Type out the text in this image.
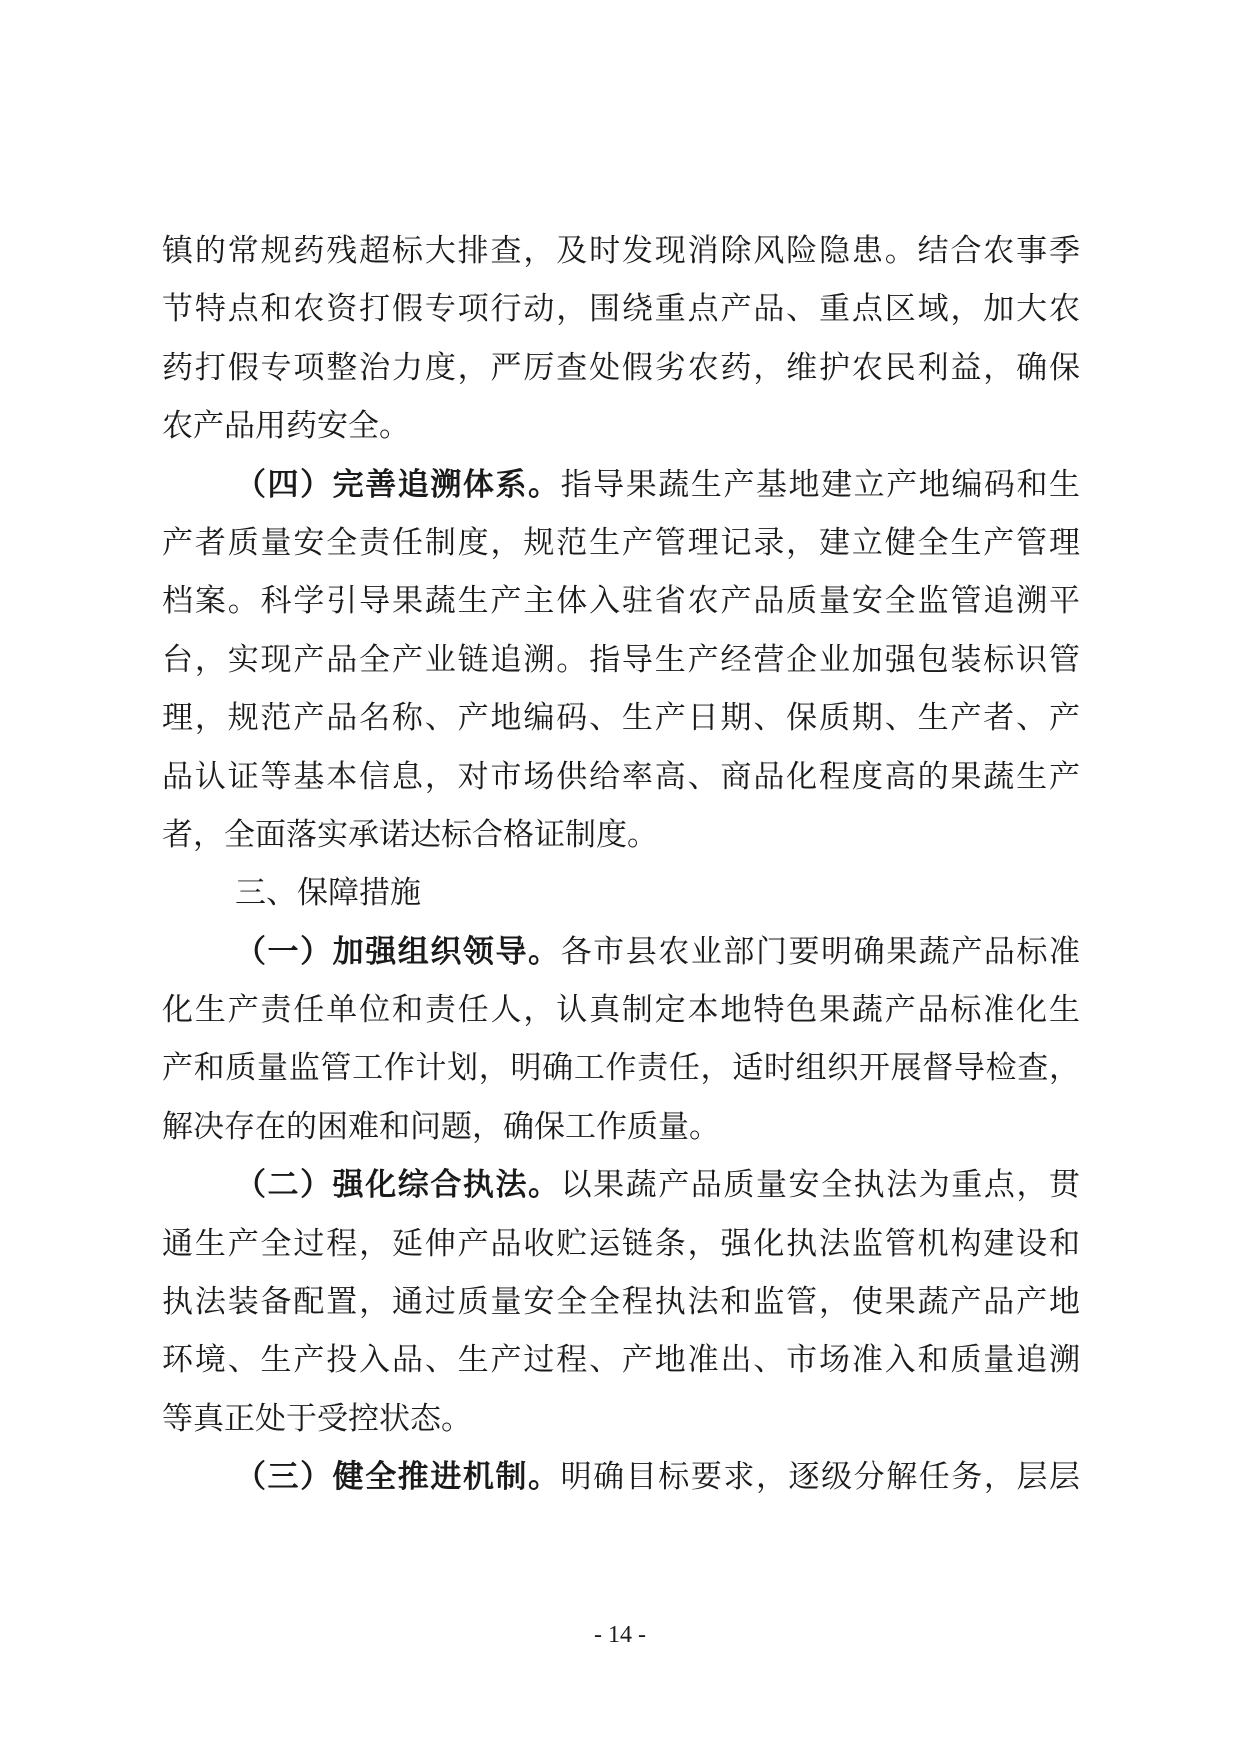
镇的常规药残超标大排查，及时发现消除风险隐患。结合农事季
节特点和农资打假专项行动，围绕重点产品、重点区域，加大农
药打假专项整治力度，严厉查处假劣农药，维护农民利益，确保
农产品用药安全。
（四）完善追溯体系。指导果蔬生产基地建立产地编码和生
产者质量安全责任制度，规范生产管理记录，建立健全生产管理
档案。科学引导果蔬生产主体入驻省农产品质量安全监管追溯平
台，实现产品全产业链追溯。指导生产经营企业加强包装标识管
理，规范产品名称、产地编码、生产日期、保质期、生产者、产
品认证等基本信息，对市场供给率高、商品化程度高的果蔬生产
者，全面落实承诺达标合格证制度。
三、保障措施
（一）加强组织领导。各市县农业部门要明确果蔬产品标准
化生产责任单位和责任人，认真制定本地特色果蔬产品标准化生
产和质量监管工作计划，明确工作责任，适时组织开展督导检查，
解决存在的困难和问题，确保工作质量。
（二）强化综合执法。以果蔬产品质量安全执法为重点，贯
通生产全过程，延伸产品收贮运链条，强化执法监管机构建设和
执法装备配置，通过质量安全全程执法和监管，使果蔬产品产地
环境、生产投入品、生产过程、产地准出、市场准入和质量追溯
等真正处于受控状态。
（三）健全推进机制。明确目标要求，逐级分解任务，层层
- 14 -
